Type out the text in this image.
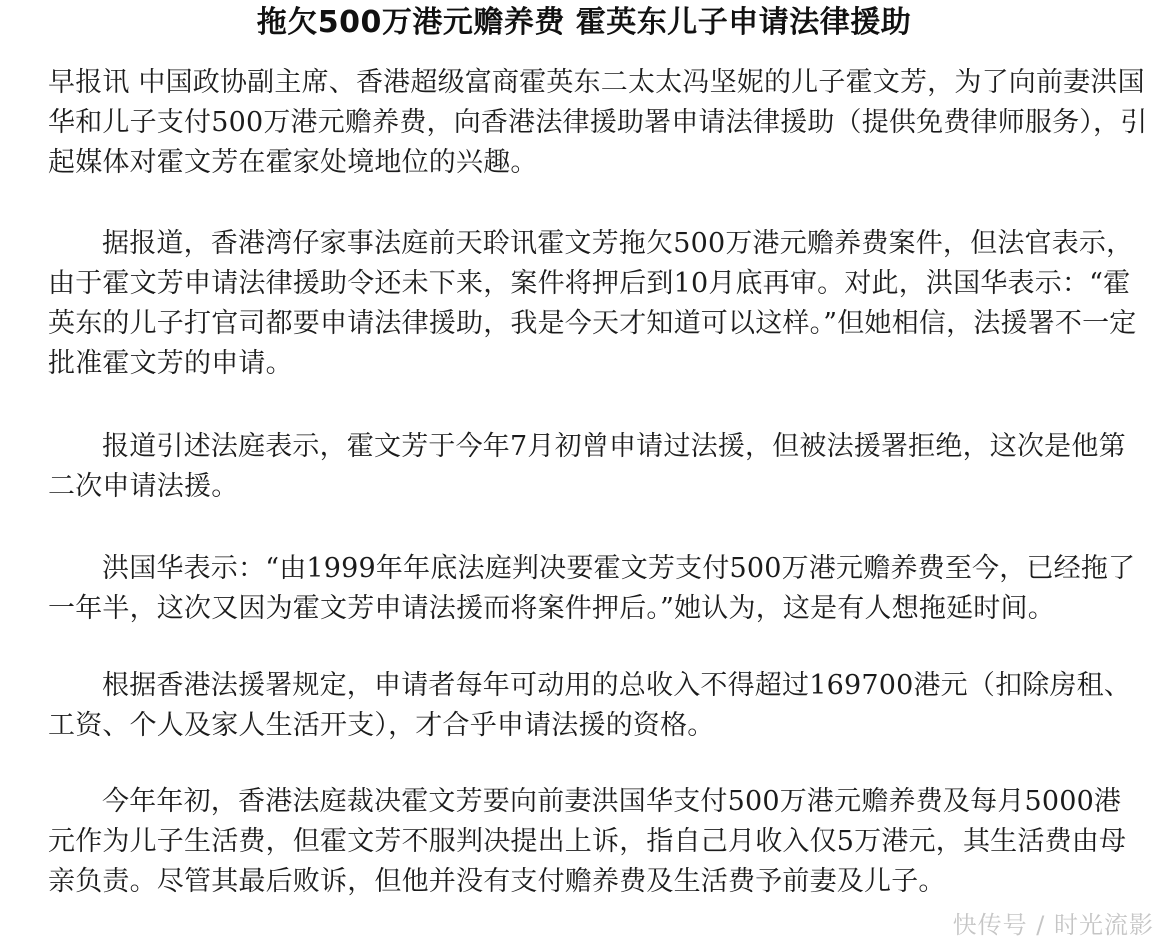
拖欠500万港元赡养费 霍英东儿子申请法律援助

早报讯 中国政协副主席、香港超级富商霍英东二太太冯坚妮的儿子霍文芳，为了向前妻洪国华和儿子支付500万港元赡养费，向香港法律援助署申请法律援助（提供免费律师服务），引起媒体对霍文芳在霍家处境地位的兴趣。

据报道，香港湾仔家事法庭前天聆讯霍文芳拖欠500万港元赡养费案件，但法官表示，由于霍文芳申请法律援助令还未下来，案件将押后到10月底再审。对此，洪国华表示：“霍英东的儿子打官司都要申请法律援助，我是今天才知道可以这样。”但她相信，法援署不一定批准霍文芳的申请。

报道引述法庭表示，霍文芳于今年7月初曾申请过法援，但被法援署拒绝，这次是他第二次申请法援。

洪国华表示：“由1999年年底法庭判决要霍文芳支付500万港元赡养费至今，已经拖了一年半，这次又因为霍文芳申请法援而将案件押后。”她认为，这是有人想拖延时间。

根据香港法援署规定，申请者每年可动用的总收入不得超过169700港元（扣除房租、工资、个人及家人生活开支），才合乎申请法援的资格。

今年年初，香港法庭裁决霍文芳要向前妻洪国华支付500万港元赡养费及每月5000港元作为儿子生活费，但霍文芳不服判决提出上诉，指自己月收入仅5万港元，其生活费由母亲负责。尽管其最后败诉，但他并没有支付赡养费及生活费予前妻及儿子。

快传号 / 时光流影
